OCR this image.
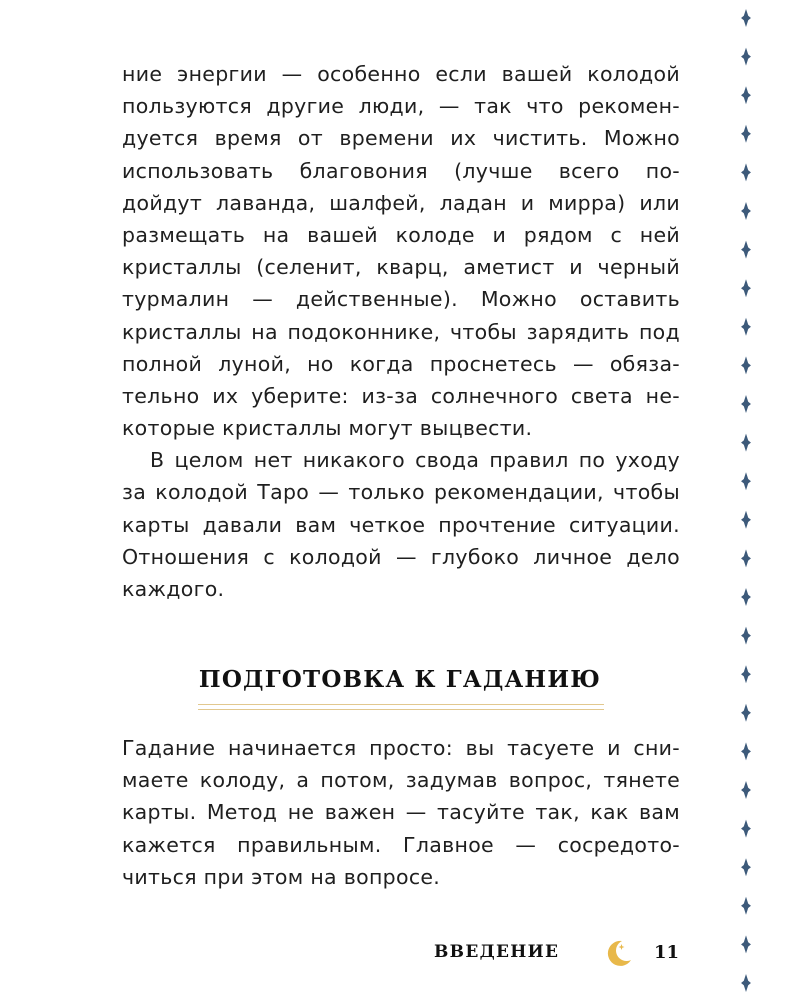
ние энергии — особенно если вашей колодой
пользуются другие люди, — так что рекомен-
дуется время от времени их чистить. Можно
использовать благовония (лучше всего по-
дойдут лаванда, шалфей, ладан и мирра) или
размещать на вашей колоде и рядом с ней
кристаллы (селенит, кварц, аметист и черный
турмалин — действенные). Можно оставить
кристаллы на подоконнике, чтобы зарядить под
полной луной, но когда проснетесь — обяза-
тельно их уберите: из-за солнечного света не-
которые кристаллы могут выцвести.
В целом нет никакого свода правил по уходу
за колодой Таро — только рекомендации, чтобы
карты давали вам четкое прочтение ситуации.
Отношения с колодой — глубоко личное дело
каждого.
ПОДГОТОВКА К ГАДАНИЮ
Гадание начинается просто: вы тасуете и сни-
маете колоду, а потом, задумав вопрос, тянете
карты. Метод не важен — тасуйте так, как вам
кажется правильным. Главное — сосредото-
читься при этом на вопросе.
ВВЕДЕНИЕ	11
